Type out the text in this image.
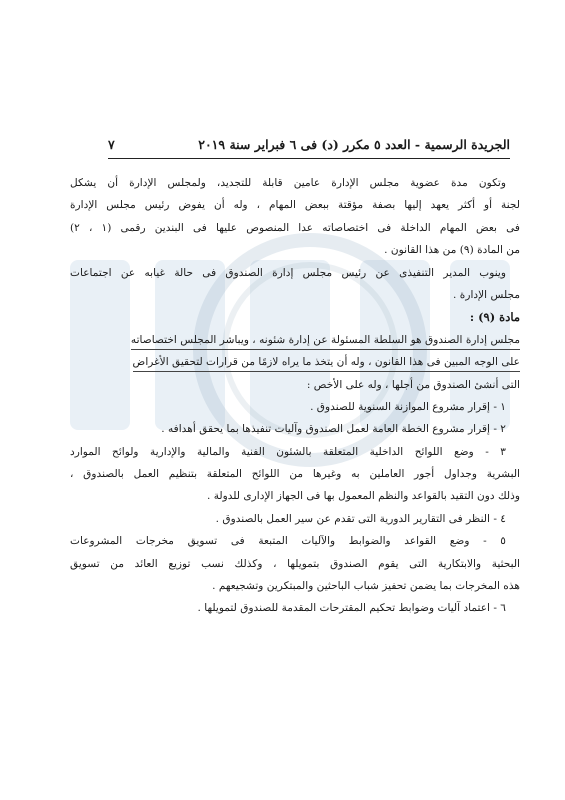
٧	الجريدة الرسمية - العدد ٥ مكرر (د) فى ٦ فبراير سنة ٢٠١٩
وتكون مدة عضوية مجلس الإدارة عامين قابلة للتجديد، ولمجلس الإدارة أن يشكل
لجنة أو أكثر يعهد إليها بصفة مؤقتة ببعض المهام ، وله أن يفوض رئيس مجلس الإدارة
فى بعض المهام الداخلة فى اختصاصاته عدا المنصوص عليها فى البندين رقمى (١ ، ٢)
من المادة (٩) من هذا القانون .
وينوب المدير التنفيذى عن رئيس مجلس إدارة الصندوق فى حالة غيابه عن اجتماعات
مجلس الإدارة .
مادة (٩) :
مجلس إدارة الصندوق هو السلطة المسئولة عن إدارة شئونه ، ويباشر المجلس اختصاصاته
على الوجه المبين فى هذا القانون ، وله أن يتخذ ما يراه لازمًا من قرارات لتحقيق الأغراض
التى أنشئ الصندوق من أجلها ، وله على الأخص :
١ - إقرار مشروع الموازنة السنوية للصندوق .
٢ - إقرار مشروع الخطة العامة لعمل الصندوق وآليات تنفيذها بما يحقق أهدافه .
٣ - وضع اللوائح الداخلية المتعلقة بالشئون الفنية والمالية والإدارية ولوائح الموارد
البشرية وجداول أجور العاملين به وغيرها من اللوائح المتعلقة بتنظيم العمل بالصندوق ،
وذلك دون التقيد بالقواعد والنظم المعمول بها فى الجهاز الإدارى للدولة .
٤ - النظر فى التقارير الدورية التى تقدم عن سير العمل بالصندوق .
٥ - وضع القواعد والضوابط والآليات المتبعة فى تسويق مخرجات المشروعات
البحثية والابتكارية التى يقوم الصندوق بتمويلها ، وكذلك نسب توزيع العائد من تسويق
هذه المخرجات بما يضمن تحفيز شباب الباحثين والمبتكرين وتشجيعهم .
٦ - اعتماد آليات وضوابط تحكيم المقترحات المقدمة للصندوق لتمويلها .
